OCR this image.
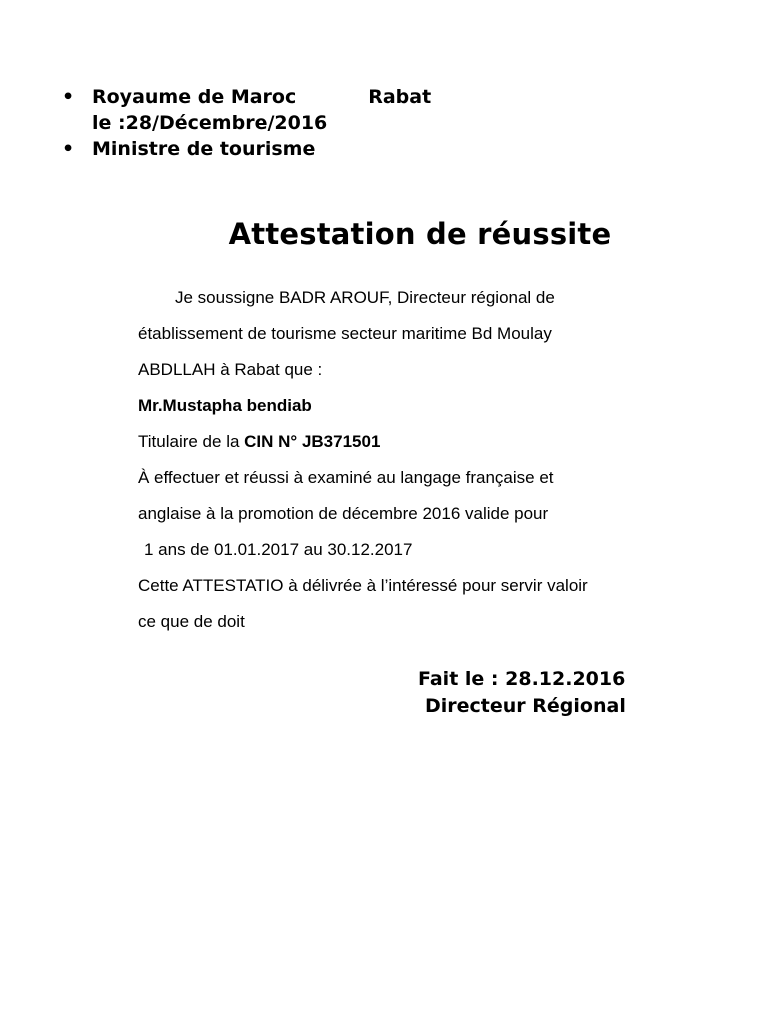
• Royaume de Maroc	Rabat
le :28/Décembre/2016
• Ministre de tourisme
Attestation de réussite

Je soussigne BADR AROUF, Directeur régional de

établissement de tourisme secteur maritime Bd Moulay

ABDLLAH à Rabat que :

Mr.Mustapha bendiab

Titulaire de la CIN N° JB371501

À effectuer et réussi à examiné au langage française et

anglaise à la promotion de décembre 2016 valide pour

1 ans de 01.01.2017 au 30.12.2017

Cette ATTESTATIO à délivrée à l’intéressé pour servir valoir

ce que de doit

Fait le : 28.12.2016
Directeur Régional
